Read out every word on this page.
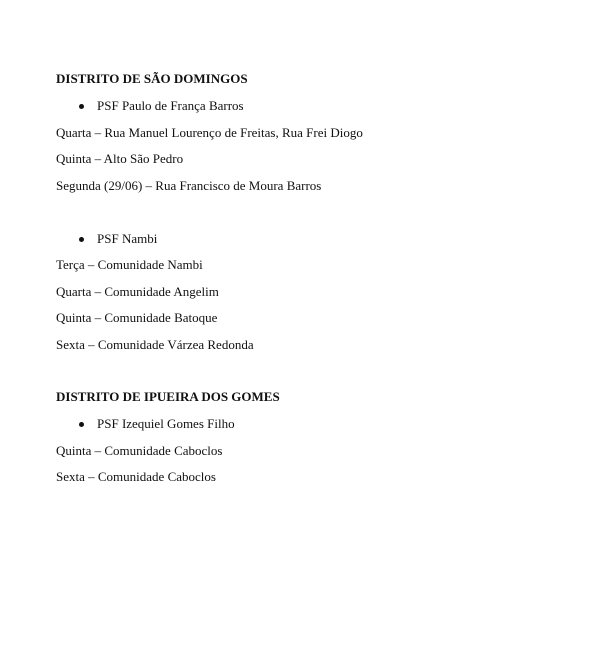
DISTRITO DE SÃO DOMINGOS
PSF Paulo de França Barros
Quarta – Rua Manuel Lourenço de Freitas, Rua Frei Diogo
Quinta – Alto São Pedro
Segunda (29/06) – Rua Francisco de Moura Barros
PSF Nambi
Terça – Comunidade Nambi
Quarta – Comunidade Angelim
Quinta – Comunidade Batoque
Sexta – Comunidade Várzea Redonda
DISTRITO DE IPUEIRA DOS GOMES
PSF Izequiel Gomes Filho
Quinta – Comunidade Caboclos
Sexta – Comunidade Caboclos
